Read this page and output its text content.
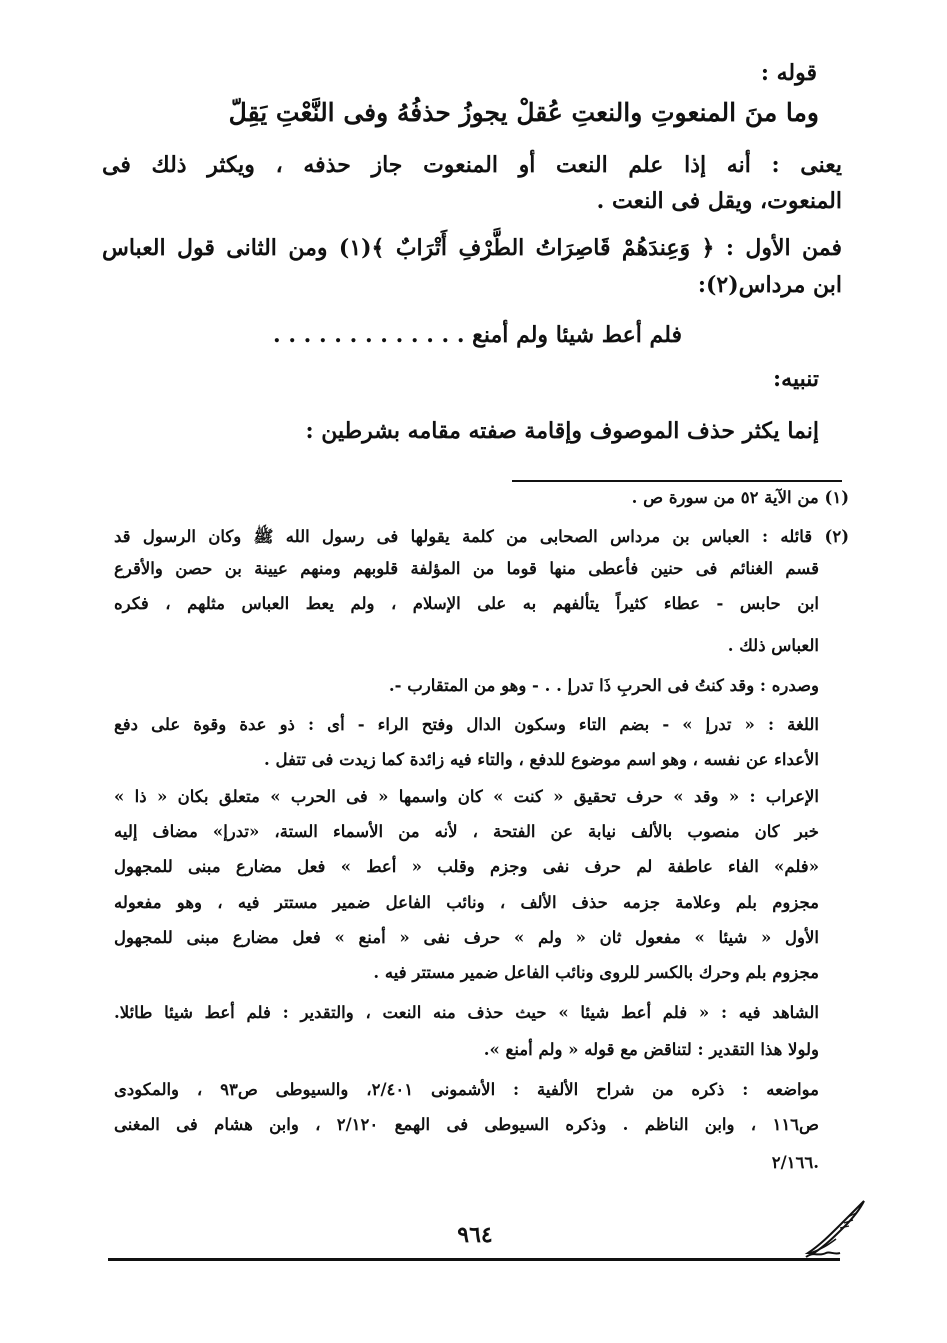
قوله :
وما منَ المنعوتِ والنعتِ عُقلْ يجوزُ حذفُهُ وفى النَّعْتِ يَقِلّ
يعنى : أنه إذا علم النعت أو المنعوت جاز حذفه ، ويكثر ذلك فى
المنعوت، ويقل فى النعت .
فمن الأول : ﴿ وَعِندَهُمْ قَاصِرَاتُ الطَّرْفِ أَتْرَابٌ ﴾(١) ومن الثانى قول العباس
ابن مرداس(٢):
فلم أعط شيئا ولم أمنع . . . . . . . . . . . . .
تنبيه:
إنما يكثر حذف الموصوف وإقامة صفته مقامه بشرطين :
(١) من الآية ٥٢ من سورة ص .
(٢) قائله : العباس بن مرداس الصحابى من كلمة يقولها فى رسول الله ﷺ وكان الرسول قد
قسم الغنائم فى حنين فأعطى منها قوما من المؤلفة قلوبهم ومنهم عيينة بن حصن والأقرع
ابن حابس - عطاء كثيراً يتألفهم به على الإسلام ، ولم يعط العباس مثلهم ، فكره
العباس ذلك .
وصدره : وقد كنتُ فى الحربِ ذَا تدرإ . . - وهو من المتقارب -.
اللغة : « تدرإ » - بضم التاء وسكون الدال وفتح الراء - أى : ذو عدة وقوة على دفع
الأعداء عن نفسه ، وهو اسم موضوع للدفع ، والتاء فيه زائدة كما زيدت فى تتفل .
الإعراب : « وقد » حرف تحقيق « كنت » كان واسمها « فى الحرب » متعلق بكان « ذا »
خبر كان منصوب بالألف نيابة عن الفتحة ، لأنه من الأسماء الستة، «تدرإ» مضاف إليه
«فلم» الفاء عاطفة لم حرف نفى وجزم وقلب « أعط » فعل مضارع مبنى للمجهول
مجزوم بلم وعلامة جزمه حذف الألف ، ونائب الفاعل ضمير مستتر فيه ، وهو مفعوله
الأول « شيئا » مفعول ثان « ولم » حرف نفى « أمنع » فعل مضارع مبنى للمجهول
مجزوم بلم وحرك بالكسر للروى ونائب الفاعل ضمير مستتر فيه .
الشاهد فيه : « فلم أعط شيئا » حيث حذف منه النعت ، والتقدير : فلم أعط شيئا طائلا.
ولولا هذا التقدير : لتناقض مع قوله « ولم أمنع ».
مواضعه : ذكره من شراح الألفية : الأشمونى ٢/٤٠١، والسيوطى ص٩٣ ، والمكودى
ص١١٦ ، وابن الناظم . وذكره السيوطى فى الهمع ٢/١٢٠ ، وابن هشام فى المغنى
٢/١٦٦.
٩٦٤
